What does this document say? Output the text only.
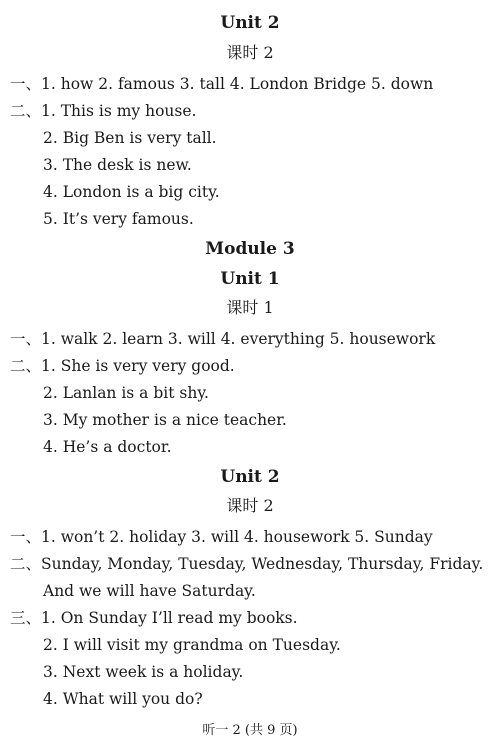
Unit 2
课时 2
一、1. how 2. famous 3. tall 4. London Bridge 5. down
二、1. This is my house.
2. Big Ben is very tall.
3. The desk is new.
4. London is a big city.
5. It’s very famous.
Module 3
Unit 1
课时 1
一、1. walk 2. learn 3. will 4. everything 5. housework
二、1. She is very very good.
2. Lanlan is a bit shy.
3. My mother is a nice teacher.
4. He’s a doctor.
Unit 2
课时 2
一、1. won’t 2. holiday 3. will 4. housework 5. Sunday
二、Sunday, Monday, Tuesday, Wednesday, Thursday, Friday.
And we will have Saturday.
三、1. On Sunday I’ll read my books.
2. I will visit my grandma on Tuesday.
3. Next week is a holiday.
4. What will you do?
听一 2 (共 9 页)
